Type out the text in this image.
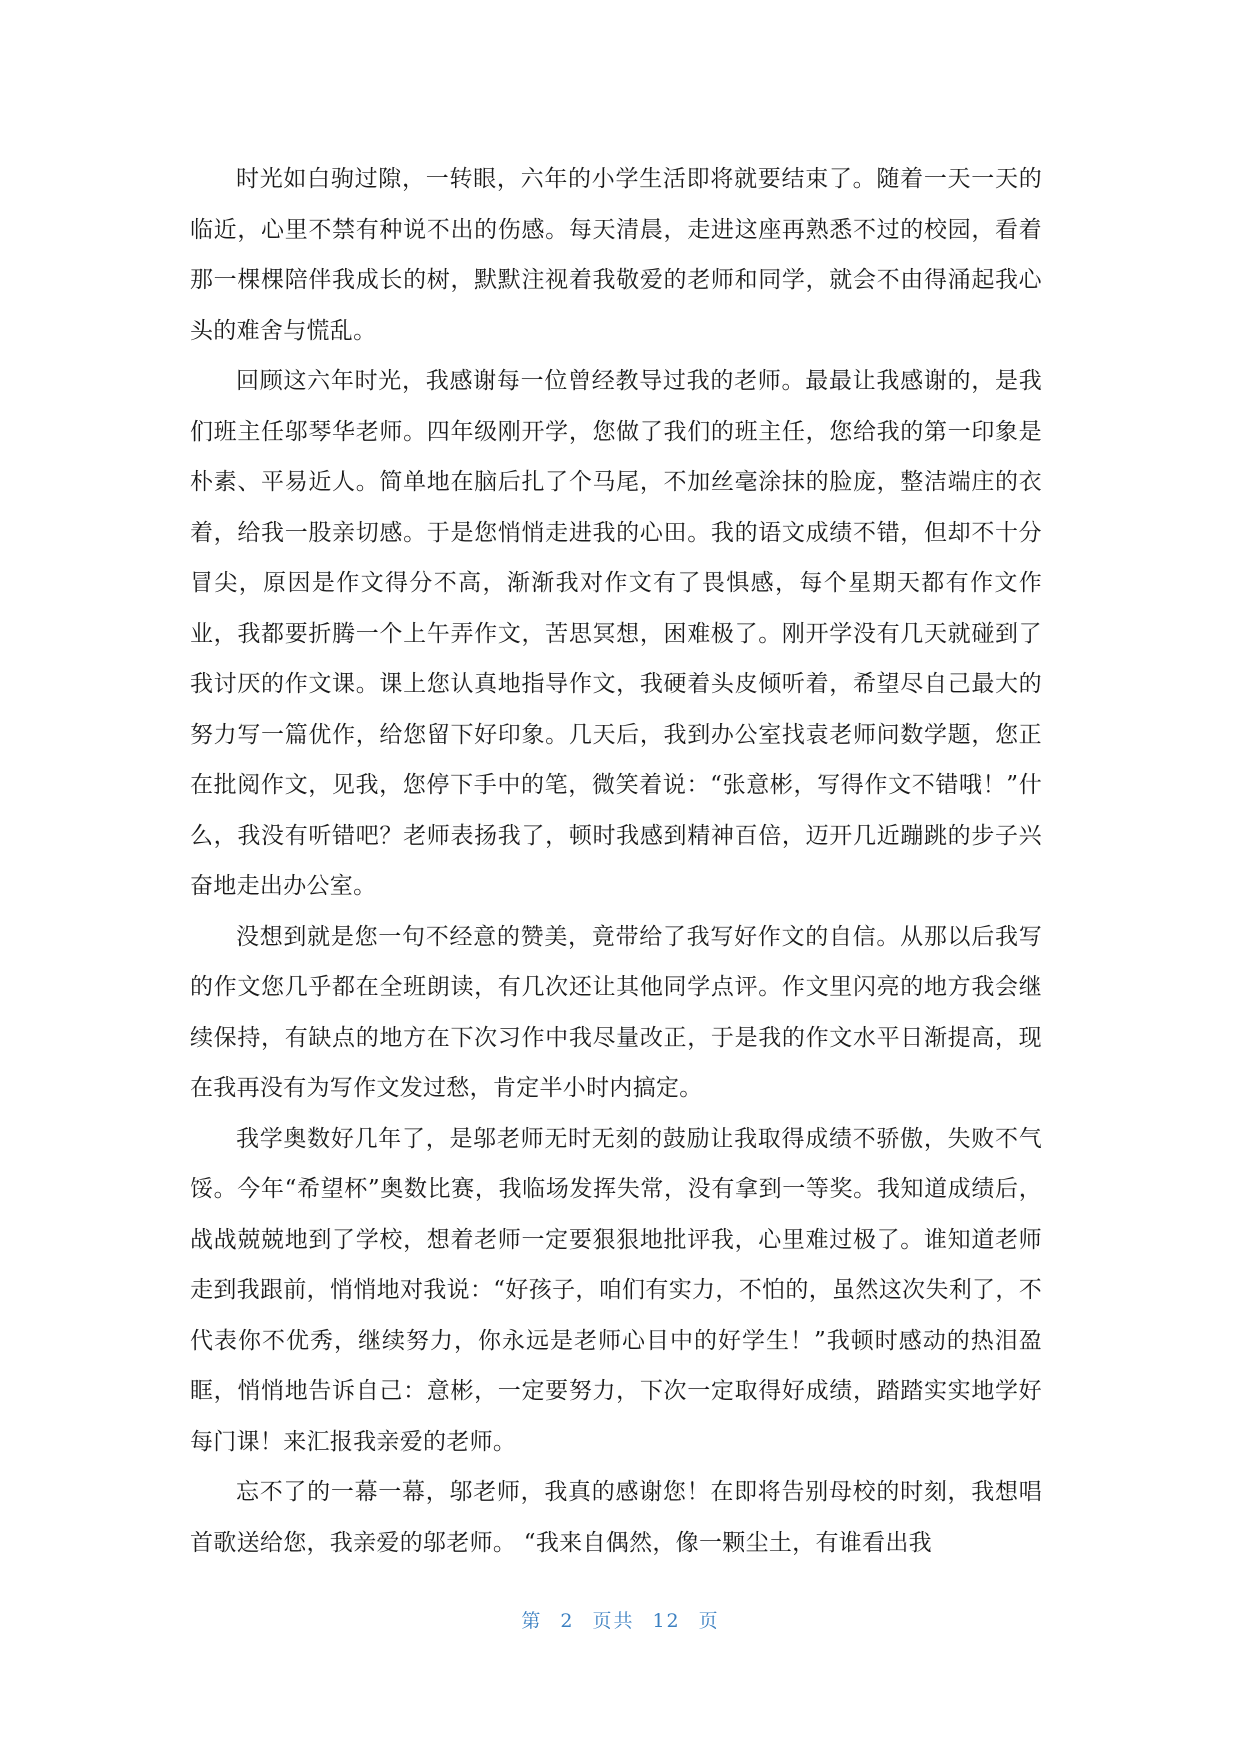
时光如白驹过隙，一转眼，六年的小学生活即将就要结束了。随着一天一天的临近，心里不禁有种说不出的伤感。每天清晨，走进这座再熟悉不过的校园，看着那一棵棵陪伴我成长的树，默默注视着我敬爱的老师和同学，就会不由得涌起我心头的难舍与慌乱。

回顾这六年时光，我感谢每一位曾经教导过我的老师。最最让我感谢的，是我们班主任邬琴华老师。四年级刚开学，您做了我们的班主任，您给我的第一印象是朴素、平易近人。简单地在脑后扎了个马尾，不加丝毫涂抹的脸庞，整洁端庄的衣着，给我一股亲切感。于是您悄悄走进我的心田。我的语文成绩不错，但却不十分冒尖，原因是作文得分不高，渐渐我对作文有了畏惧感，每个星期天都有作文作业，我都要折腾一个上午弄作文，苦思冥想，困难极了。刚开学没有几天就碰到了我讨厌的作文课。课上您认真地指导作文，我硬着头皮倾听着，希望尽自己最大的努力写一篇优作，给您留下好印象。几天后，我到办公室找袁老师问数学题，您正在批阅作文，见我，您停下手中的笔，微笑着说：“张意彬，写得作文不错哦！”什么，我没有听错吧？老师表扬我了，顿时我感到精神百倍，迈开几近蹦跳的步子兴奋地走出办公室。

没想到就是您一句不经意的赞美，竟带给了我写好作文的自信。从那以后我写的作文您几乎都在全班朗读，有几次还让其他同学点评。作文里闪亮的地方我会继续保持，有缺点的地方在下次习作中我尽量改正，于是我的作文水平日渐提高，现在我再没有为写作文发过愁，肯定半小时内搞定。

我学奥数好几年了，是邬老师无时无刻的鼓励让我取得成绩不骄傲，失败不气馁。今年“希望杯”奥数比赛，我临场发挥失常，没有拿到一等奖。我知道成绩后，战战兢兢地到了学校，想着老师一定要狠狠地批评我，心里难过极了。谁知道老师走到我跟前，悄悄地对我说：“好孩子，咱们有实力，不怕的，虽然这次失利了，不代表你不优秀，继续努力，你永远是老师心目中的好学生！”我顿时感动的热泪盈眶，悄悄地告诉自己：意彬，一定要努力，下次一定取得好成绩，踏踏实实地学好每门课！来汇报我亲爱的老师。

忘不了的一幕一幕，邬老师，我真的感谢您！在即将告别母校的时刻，我想唱首歌送给您，我亲爱的邬老师。 “我来自偶然，像一颗尘土，有谁看出我

第 2 页共 12 页
